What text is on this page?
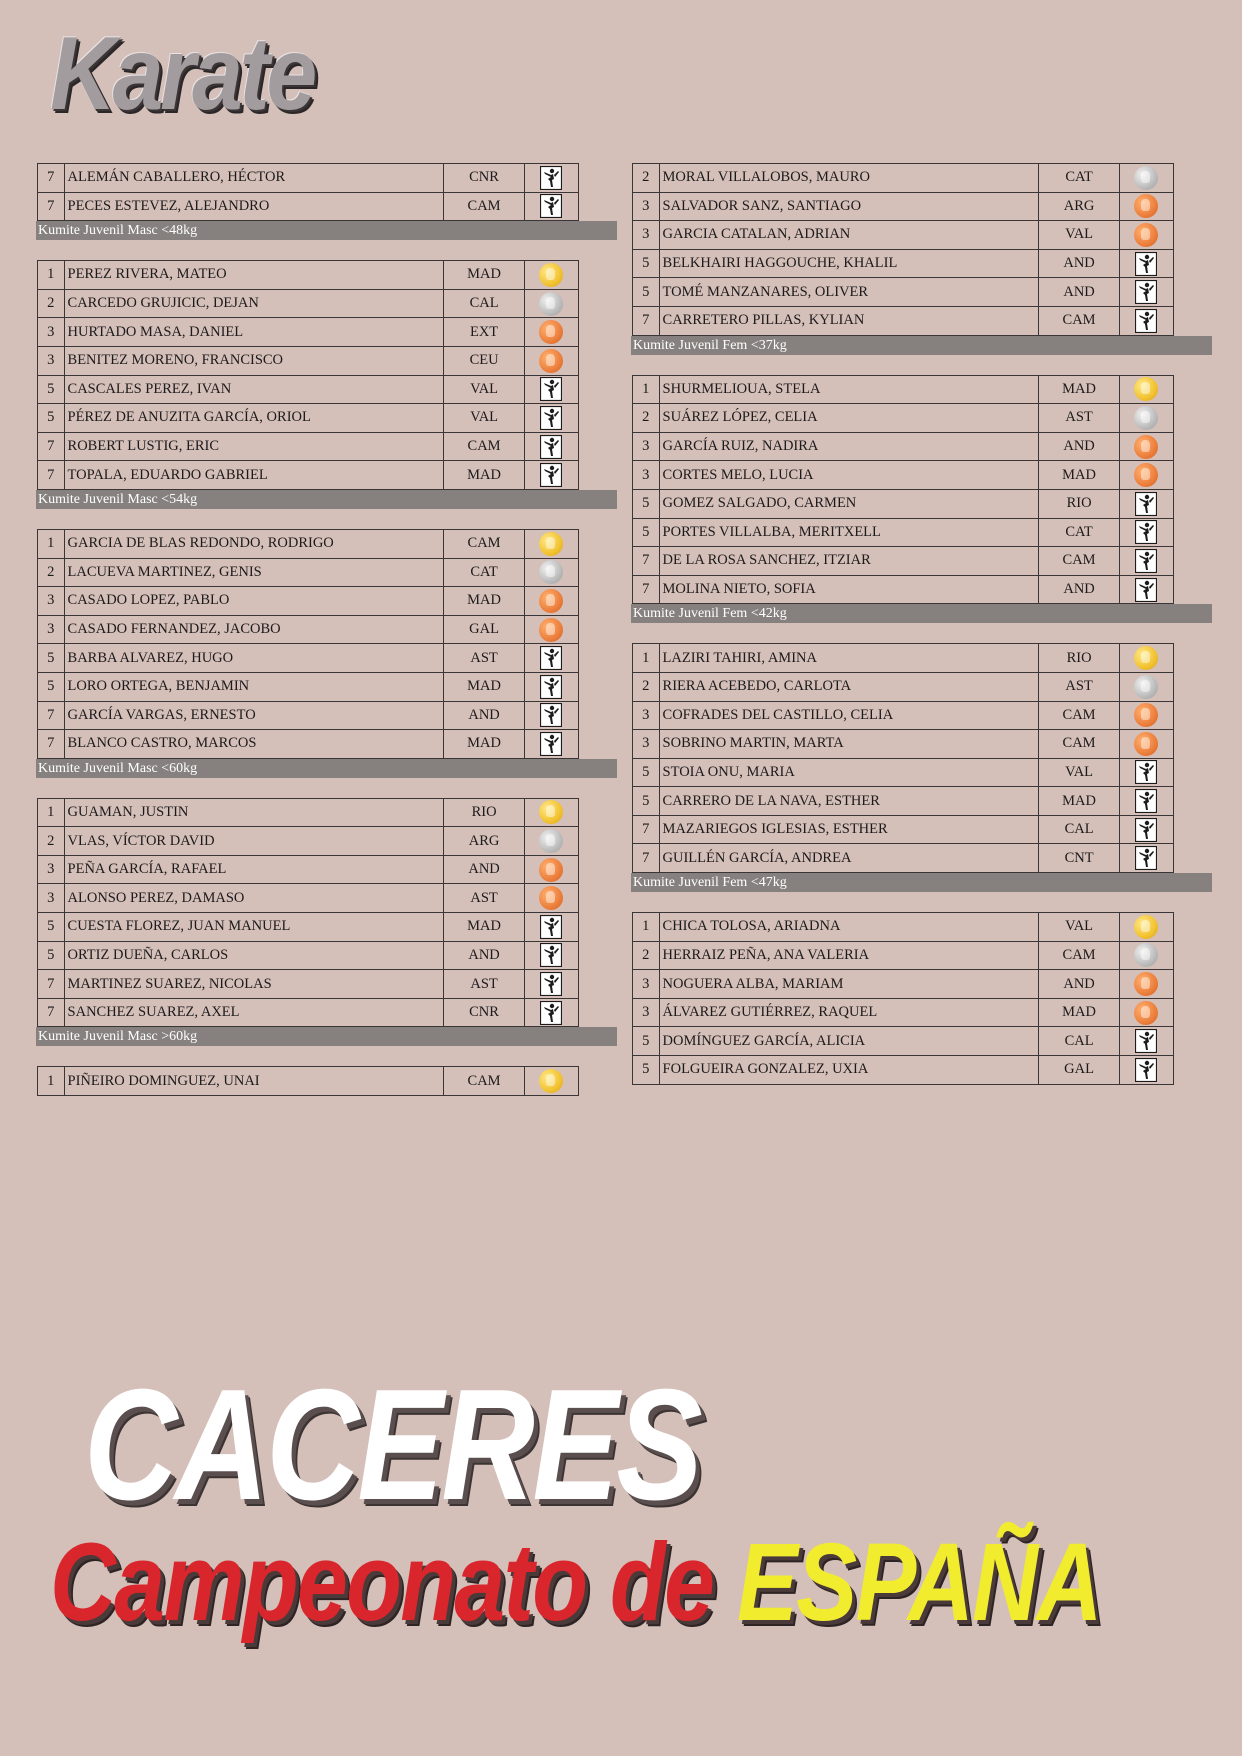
Karate
7	ALEMÁN CABALLERO, HÉCTOR	CNR	

7	PECES ESTEVEZ, ALEJANDRO	CAM	
Kumite Juvenil Masc <48kg
1	PEREZ RIVERA, MATEO	MAD	
2	CARCEDO GRUJICIC, DEJAN	CAL	
3	HURTADO MASA, DANIEL	EXT	
3	BENITEZ MORENO, FRANCISCO	CEU	
5	CASCALES PEREZ, IVAN	VAL	

5	PÉREZ DE ANUZITA GARCÍA, ORIOL	VAL	

7	ROBERT LUSTIG, ERIC	CAM	

7	TOPALA, EDUARDO GABRIEL	MAD	
Kumite Juvenil Masc <54kg
1	GARCIA DE BLAS REDONDO, RODRIGO	CAM	
2	LACUEVA MARTINEZ, GENIS	CAT	
3	CASADO LOPEZ, PABLO	MAD	
3	CASADO FERNANDEZ, JACOBO	GAL	
5	BARBA ALVAREZ, HUGO	AST	

5	LORO ORTEGA, BENJAMIN	MAD	

7	GARCÍA VARGAS, ERNESTO	AND	

7	BLANCO CASTRO, MARCOS	MAD	
Kumite Juvenil Masc <60kg
1	GUAMAN, JUSTIN	RIO	
2	VLAS, VÍCTOR DAVID	ARG	
3	PEÑA GARCÍA, RAFAEL	AND	
3	ALONSO PEREZ, DAMASO	AST	
5	CUESTA FLOREZ, JUAN MANUEL	MAD	

5	ORTIZ DUEÑA, CARLOS	AND	

7	MARTINEZ SUAREZ, NICOLAS	AST	

7	SANCHEZ SUAREZ, AXEL	CNR	
Kumite Juvenil Masc >60kg
1	PIÑEIRO DOMINGUEZ, UNAI	CAM	
2	MORAL VILLALOBOS, MAURO	CAT	
3	SALVADOR SANZ, SANTIAGO	ARG	
3	GARCIA CATALAN, ADRIAN	VAL	
5	BELKHAIRI HAGGOUCHE, KHALIL	AND	

5	TOMÉ MANZANARES, OLIVER	AND	

7	CARRETERO PILLAS, KYLIAN	CAM	
Kumite Juvenil Fem <37kg
1	SHURMELIOUA, STELA	MAD	
2	SUÁREZ LÓPEZ, CELIA	AST	
3	GARCÍA RUIZ, NADIRA	AND	
3	CORTES MELO, LUCIA	MAD	
5	GOMEZ SALGADO, CARMEN	RIO	

5	PORTES VILLALBA, MERITXELL	CAT	

7	DE LA ROSA SANCHEZ, ITZIAR	CAM	

7	MOLINA NIETO, SOFIA	AND	
Kumite Juvenil Fem <42kg
1	LAZIRI TAHIRI, AMINA	RIO	
2	RIERA ACEBEDO, CARLOTA	AST	
3	COFRADES DEL CASTILLO, CELIA	CAM	
3	SOBRINO MARTIN, MARTA	CAM	
5	STOIA ONU, MARIA	VAL	

5	CARRERO DE LA NAVA, ESTHER	MAD	

7	MAZARIEGOS IGLESIAS, ESTHER	CAL	

7	GUILLÉN GARCÍA, ANDREA	CNT	
Kumite Juvenil Fem <47kg
1	CHICA TOLOSA, ARIADNA	VAL	
2	HERRAIZ PEÑA, ANA VALERIA	CAM	
3	NOGUERA ALBA, MARIAM	AND	
3	ÁLVAREZ GUTIÉRREZ, RAQUEL	MAD	
5	DOMÍNGUEZ GARCÍA, ALICIA	CAL	

5	FOLGUEIRA GONZALEZ, UXIA	GAL	
CACERES
Campeonato de ESPAÑA
